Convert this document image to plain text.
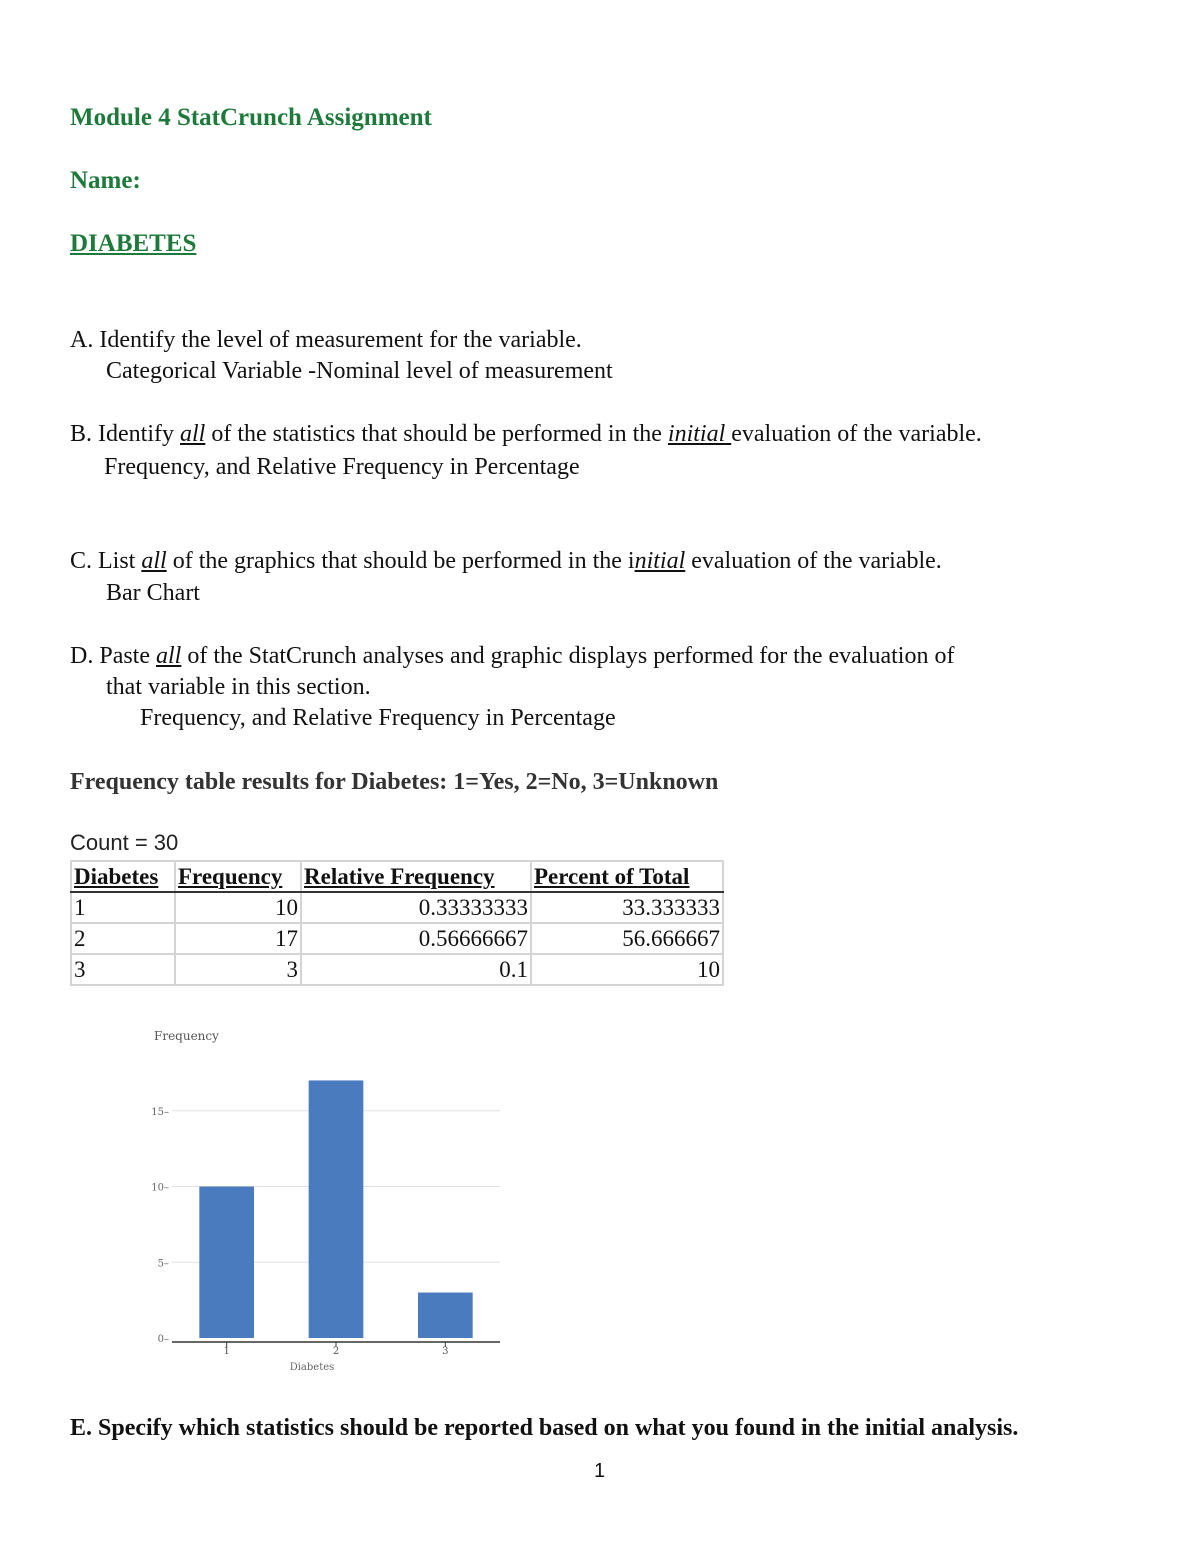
Module 4 StatCrunch Assignment
Name:
DIABETES
A. Identify the level of measurement for the variable.
Categorical Variable -Nominal level of measurement
B. Identify all of the statistics that should be performed in the initial evaluation of the variable.
Frequency, and Relative Frequency in Percentage
C. List all of the graphics that should be performed in the initial evaluation of the variable.
Bar Chart
D. Paste all of the StatCrunch analyses and graphic displays performed for the evaluation of
that variable in this section.
Frequency, and Relative Frequency in Percentage
Frequency table results for Diabetes: 1=Yes, 2=No, 3=Unknown
Count = 30
Diabetes	Frequency	Relative Frequency	Percent of Total
1	10	0.33333333	33.333333
2	17	0.56666667	56.666667
3	3	0.1	10
Frequency
Diabetes
0–
5–
10–
15–
1	2	3
E. Specify which statistics should be reported based on what you found in the initial analysis.
1
